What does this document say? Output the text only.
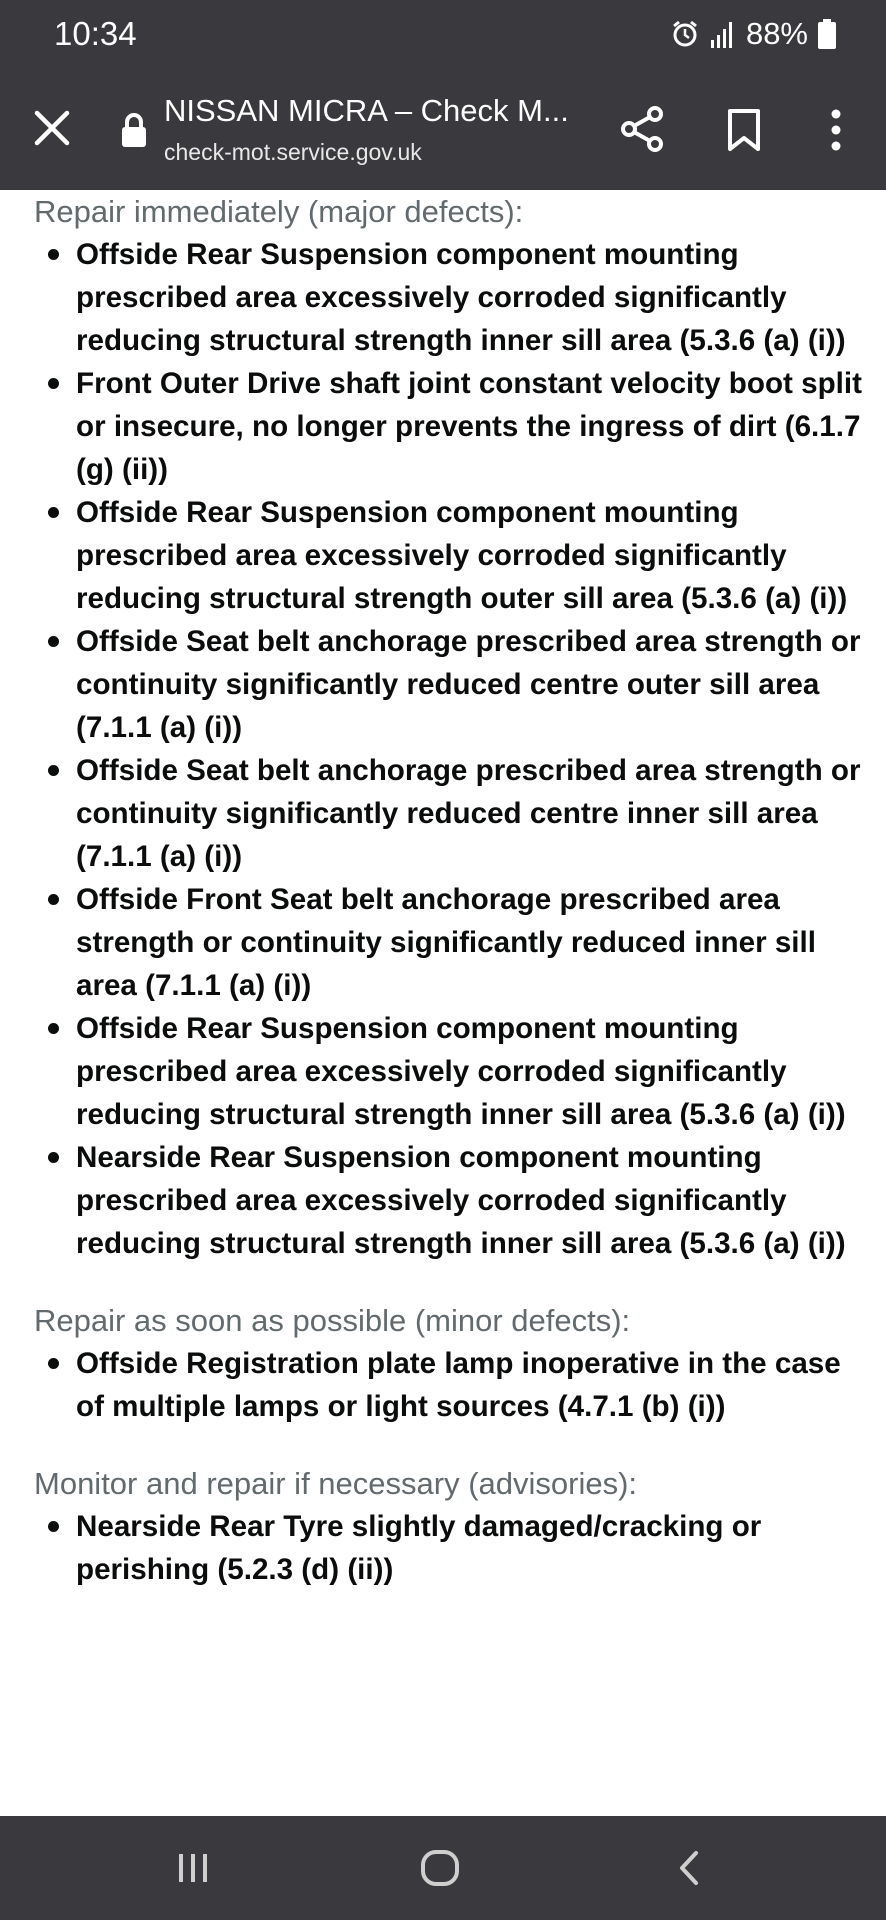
10:34	88%
NISSAN MICRA – Check M...
check-mot.service.gov.uk

Repair immediately (major defects):

Offside Rear Suspension component mounting prescribed area excessively corroded significantly reducing structural strength inner sill area (5.3.6 (a) (i))
Front Outer Drive shaft joint constant velocity boot split or insecure, no longer prevents the ingress of dirt (6.1.7 (g) (ii))
Offside Rear Suspension component mounting prescribed area excessively corroded significantly reducing structural strength outer sill area (5.3.6 (a) (i))
Offside Seat belt anchorage prescribed area strength or continuity significantly reduced centre outer sill area (7.1.1 (a) (i))
Offside Seat belt anchorage prescribed area strength or continuity significantly reduced centre inner sill area (7.1.1 (a) (i))
Offside Front Seat belt anchorage prescribed area strength or continuity significantly reduced inner sill area (7.1.1 (a) (i))
Offside Rear Suspension component mounting prescribed area excessively corroded significantly reducing structural strength inner sill area (5.3.6 (a) (i))
Nearside Rear Suspension component mounting prescribed area excessively corroded significantly reducing structural strength inner sill area (5.3.6 (a) (i))

Repair as soon as possible (minor defects):

Offside Registration plate lamp inoperative in the case of multiple lamps or light sources (4.7.1 (b) (i))

Monitor and repair if necessary (advisories):

Nearside Rear Tyre slightly damaged/cracking or perishing (5.2.3 (d) (ii))
